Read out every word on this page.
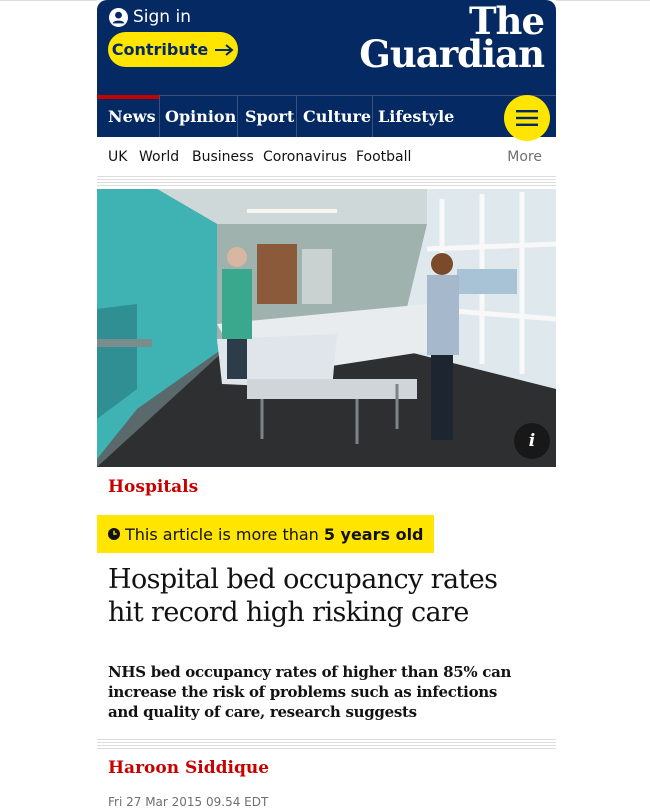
Sign in
Contribute
The
Guardian
News Opinion Sport Culture Lifestyle
UK World Business Coronavirus Football	More
i
Hospitals
This article is more than 5 years old
Hospital bed occupancy rates
hit record high risking care
NHS bed occupancy rates of higher than 85% can
increase the risk of problems such as infections
and quality of care, research suggests
Haroon Siddique
Fri 27 Mar 2015 09.54 EDT
